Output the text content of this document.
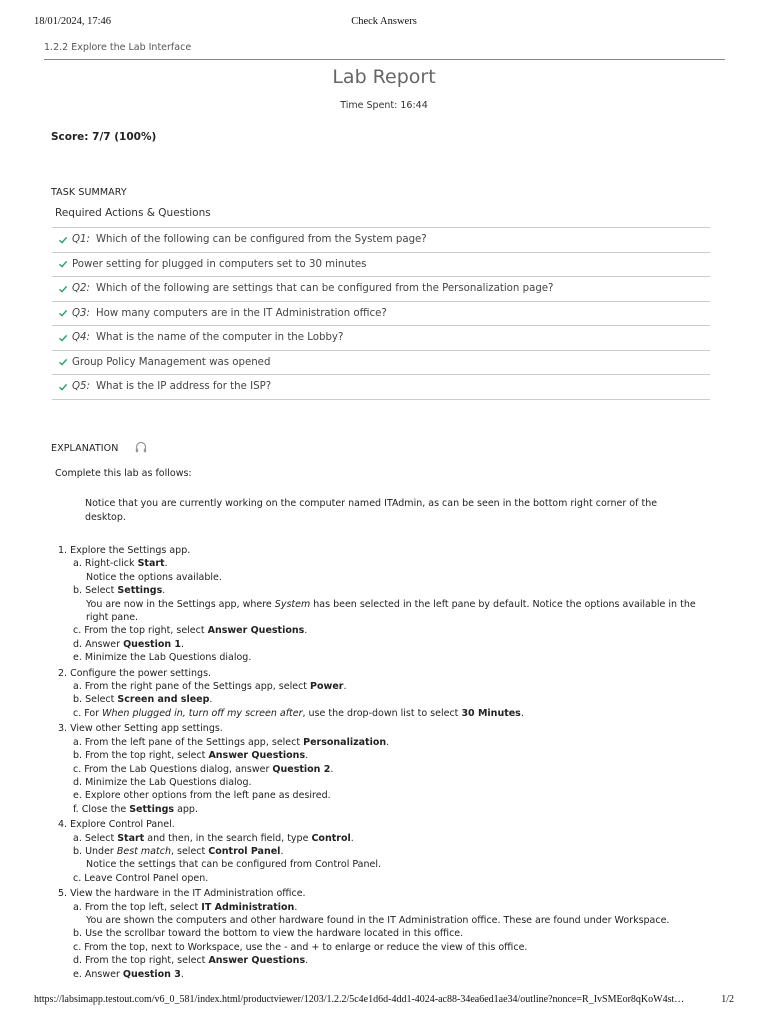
18/01/2024, 17:46	Check Answers
1.2.2 Explore the Lab Interface
Lab Report
Time Spent: 16:44
Score: 7/7 (100%)
TASK SUMMARY
Required Actions & Questions
Q1: Which of the following can be configured from the System page?
Power setting for plugged in computers set to 30 minutes
Q2: Which of the following are settings that can be configured from the Personalization page?
Q3: How many computers are in the IT Administration office?
Q4: What is the name of the computer in the Lobby?
Group Policy Management was opened
Q5: What is the IP address for the ISP?
EXPLANATION
Complete this lab as follows:
Notice that you are currently working on the computer named ITAdmin, as can be seen in the bottom right corner of the desktop.
1. Explore the Settings app.
a. Right-click Start.
Notice the options available.
b. Select Settings.
You are now in the Settings app, where System has been selected in the left pane by default. Notice the options available in the right pane.
c. From the top right, select Answer Questions.
d. Answer Question 1.
e. Minimize the Lab Questions dialog.
2. Configure the power settings.
a. From the right pane of the Settings app, select Power.
b. Select Screen and sleep.
c. For When plugged in, turn off my screen after, use the drop-down list to select 30 Minutes.
3. View other Setting app settings.
a. From the left pane of the Settings app, select Personalization.
b. From the top right, select Answer Questions.
c. From the Lab Questions dialog, answer Question 2.
d. Minimize the Lab Questions dialog.
e. Explore other options from the left pane as desired.
f. Close the Settings app.
4. Explore Control Panel.
a. Select Start and then, in the search field, type Control.
b. Under Best match, select Control Panel.
Notice the settings that can be configured from Control Panel.
c. Leave Control Panel open.
5. View the hardware in the IT Administration office.
a. From the top left, select IT Administration.
You are shown the computers and other hardware found in the IT Administration office. These are found under Workspace.
b. Use the scrollbar toward the bottom to view the hardware located in this office.
c. From the top, next to Workspace, use the - and + to enlarge or reduce the view of this office.
d. From the top right, select Answer Questions.
e. Answer Question 3.
https://labsimapp.testout.com/v6_0_581/index.html/productviewer/1203/1.2.2/5c4e1d6d-4dd1-4024-ac88-34ea6ed1ae34/outline?nonce=R_IvSMEor8qKoW4st…	1/2
